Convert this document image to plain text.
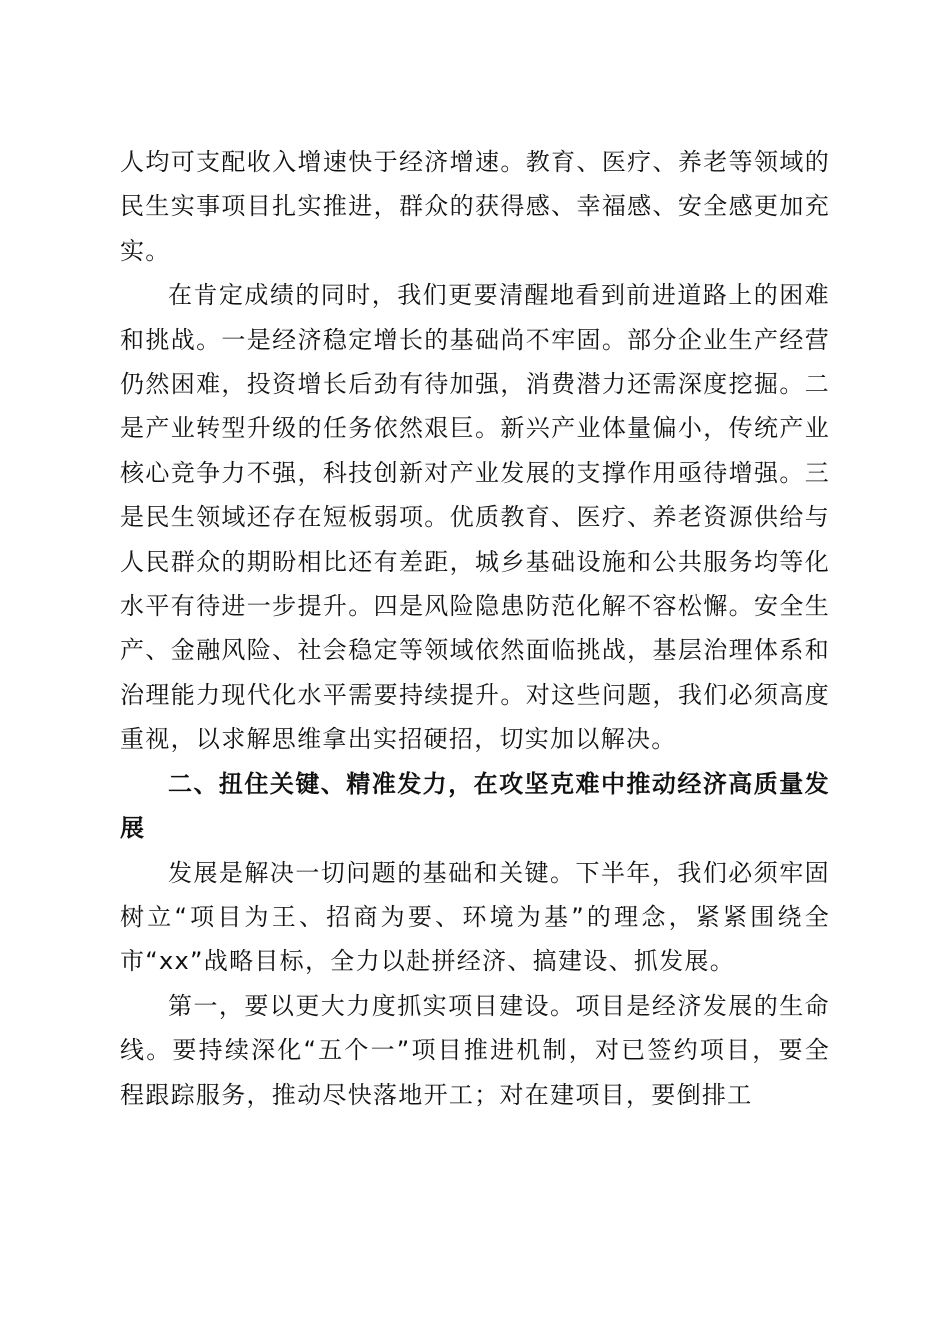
人均可支配收入增速快于经济增速。教育、医疗、养老等领域的民生实事项目扎实推进，群众的获得感、幸福感、安全感更加充实。

在肯定成绩的同时，我们更要清醒地看到前进道路上的困难和挑战。一是经济稳定增长的基础尚不牢固。部分企业生产经营仍然困难，投资增长后劲有待加强，消费潜力还需深度挖掘。二是产业转型升级的任务依然艰巨。新兴产业体量偏小，传统产业核心竞争力不强，科技创新对产业发展的支撑作用亟待增强。三是民生领域还存在短板弱项。优质教育、医疗、养老资源供给与人民群众的期盼相比还有差距，城乡基础设施和公共服务均等化水平有待进一步提升。四是风险隐患防范化解不容松懈。安全生产、金融风险、社会稳定等领域依然面临挑战，基层治理体系和治理能力现代化水平需要持续提升。对这些问题，我们必须高度重视，以求解思维拿出实招硬招，切实加以解决。

二、扭住关键、精准发力，在攻坚克难中推动经济高质量发展

发展是解决一切问题的基础和关键。下半年，我们必须牢固树立“项目为王、招商为要、环境为基”的理念，紧紧围绕全市“xx”战略目标，全力以赴拼经济、搞建设、抓发展。

第一，要以更大力度抓实项目建设。项目是经济发展的生命线。要持续深化“五个一”项目推进机制，对已签约项目，要全程跟踪服务，推动尽快落地开工；对在建项目，要倒排工
